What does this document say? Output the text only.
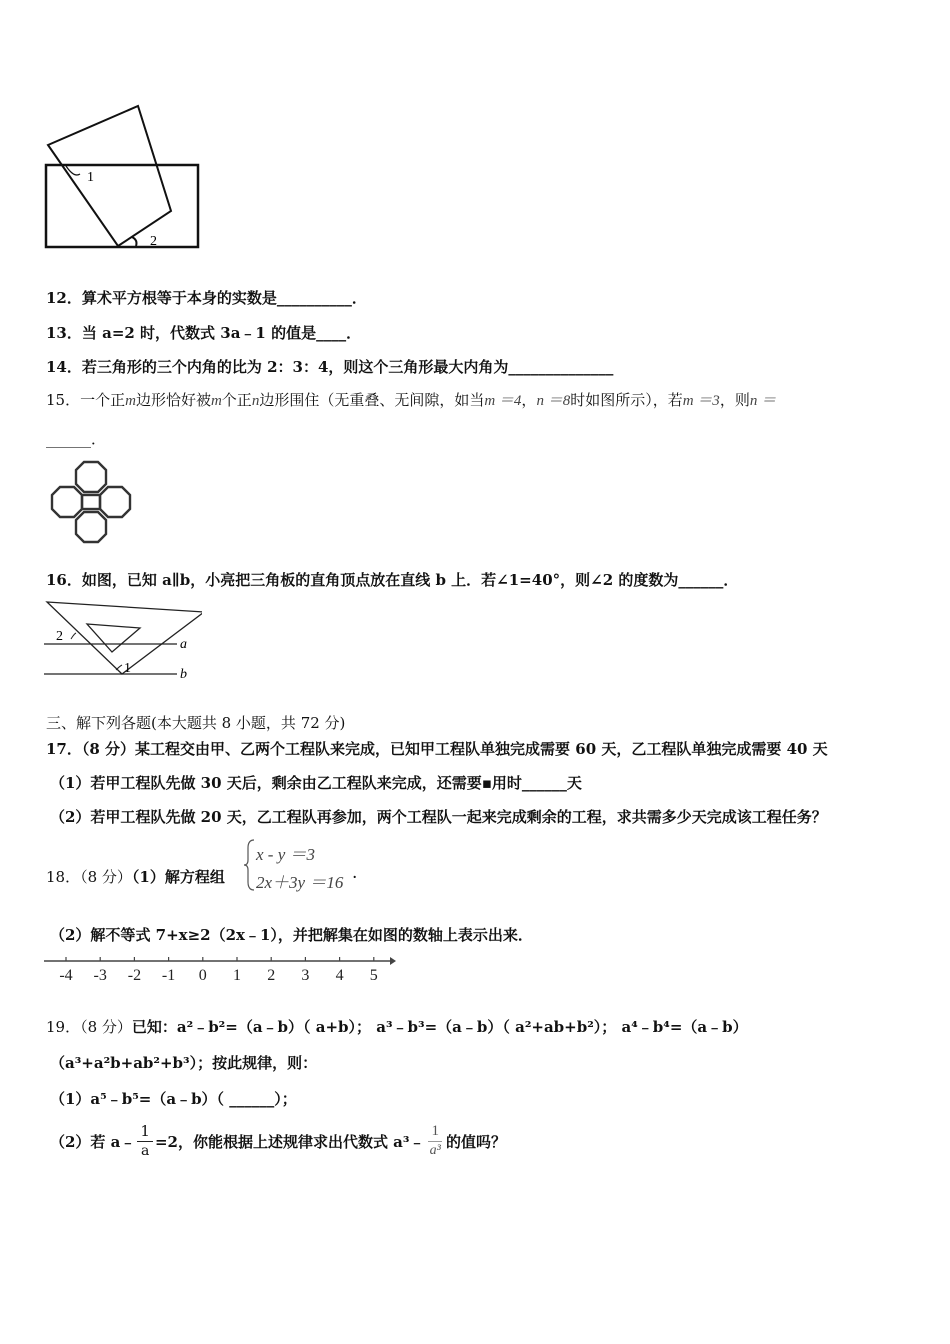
1
2
12．算术平方根等于本身的实数是__________．
13．当 a=2 时，代数式 3a﹣1 的值是____．
14．若三角形的三个内角的比为 2：3：4，则这个三角形最大内角为______________
15．一个正m边形恰好被m个正n边形围住（无重叠、无间隙，如当m ＝4，n ＝8时如图所示），若m ＝3，则n ＝
______．
16．如图，已知 a∥b，小亮把三角板的直角顶点放在直线 b 上．若∠1=40°，则∠2 的度数为______．
2
1
a
b
三、解下列各题(本大题共 8 小题，共 72 分)
17．（8 分）某工程交由甲、乙两个工程队来完成，已知甲工程队单独完成需要 60 天，乙工程队单独完成需要 40 天
（1）若甲工程队先做 30 天后，剩余由乙工程队来完成，还需要▪用时______天
（2）若甲工程队先做 20 天，乙工程队再参加，两个工程队一起来完成剩余的工程，求共需多少天完成该工程任务？
18．（8 分）（1）解方程组
x - y ＝3
2x＋3y ＝16 ·
（2）解不等式 7+x≥2（2x﹣1），并把解集在如图的数轴上表示出来．
-4 -3 -2 -1 0 1 2 3 4 5
19．（8 分）已知：a²﹣b²=（a﹣b）（ a+b）； a³﹣b³=（a﹣b）（ a²+ab+b²）； a⁴﹣b⁴=（a﹣b）
（a³+a²b+ab²+b³）；按此规律，则：
（1）a⁵﹣b⁵=（a﹣b）（ ______）；
（2）若 a﹣ $\frac{1}{a} =2$，你能根据上述规律求出代数式 a³﹣ $\frac{1}{\text{a³}}$ 的值吗？
